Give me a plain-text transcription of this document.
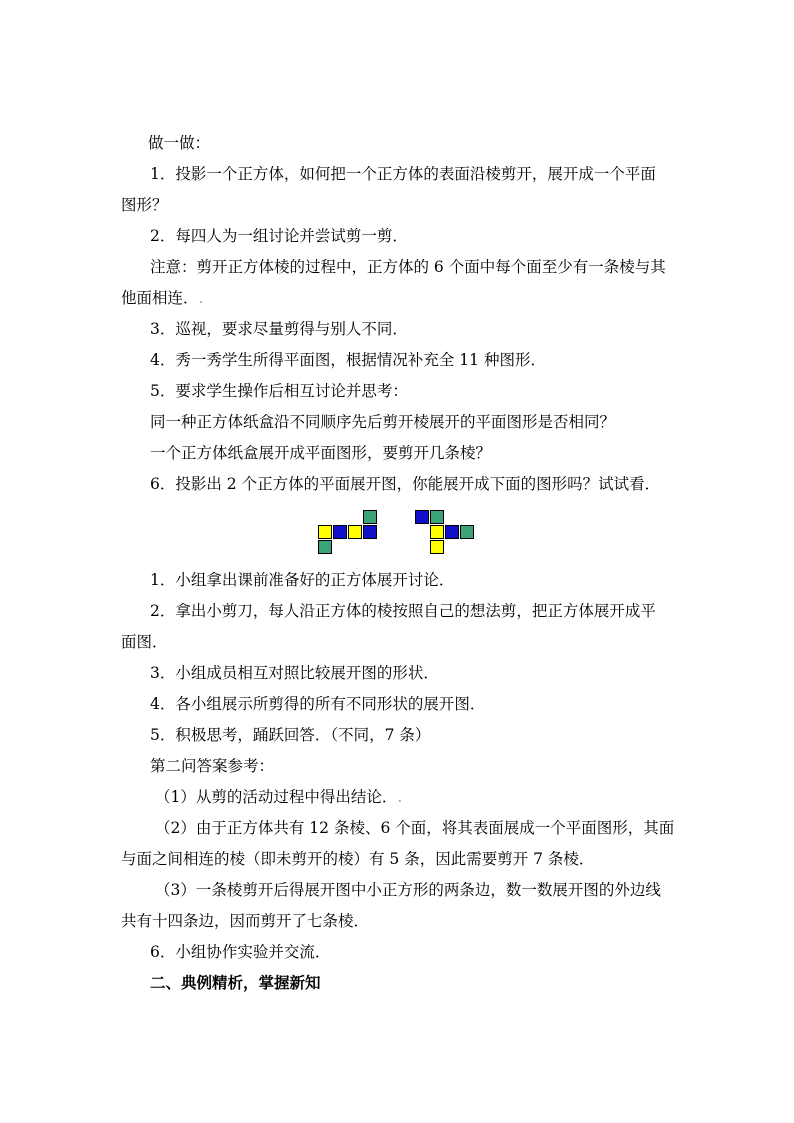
做一做：
1．投影一个正方体，如何把一个正方体的表面沿棱剪开，展开成一个平面
图形？
2．每四人为一组讨论并尝试剪一剪．
注意：剪开正方体棱的过程中，正方体的 6 个面中每个面至少有一条棱与其
他面相连．.
3．巡视，要求尽量剪得与别人不同．
4．秀一秀学生所得平面图，根据情况补充全 11 种图形．
5．要求学生操作后相互讨论并思考：
同一种正方体纸盒沿不同顺序先后剪开棱展开的平面图形是否相同？
一个正方体纸盒展开成平面图形，要剪开几条棱？
6．投影出 2 个正方体的平面展开图，你能展开成下面的图形吗？试试看．
1．小组拿出课前准备好的正方体展开讨论．
2．拿出小剪刀，每人沿正方体的棱按照自己的想法剪，把正方体展开成平
面图．
3．小组成员相互对照比较展开图的形状．
4．各小组展示所剪得的所有不同形状的展开图．
5．积极思考，踊跃回答．（不同，7 条）
第二问答案参考：
（1）从剪的活动过程中得出结论．.
（2）由于正方体共有 12 条棱、6 个面，将其表面展成一个平面图形，其面
与面之间相连的棱（即未剪开的棱）有 5 条，因此需要剪开 7 条棱．
（3）一条棱剪开后得展开图中小正方形的两条边，数一数展开图的外边线
共有十四条边，因而剪开了七条棱．
6．小组协作实验并交流．
二、典例精析，掌握新知
